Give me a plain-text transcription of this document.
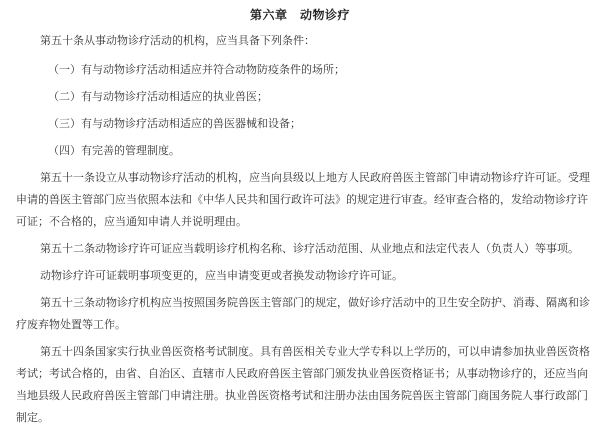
第六章　动物诊疗
第五十条从事动物诊疗活动的机构，应当具备下列条件：
（一）有与动物诊疗活动相适应并符合动物防疫条件的场所；
（二）有与动物诊疗活动相适应的执业兽医；
（三）有与动物诊疗活动相适应的兽医器械和设备；
（四）有完善的管理制度。
第五十一条设立从事动物诊疗活动的机构，应当向县级以上地方人民政府兽医主管部门申请动物诊疗许可证。受理
申请的兽医主管部门应当依照本法和《中华人民共和国行政许可法》的规定进行审查。经审查合格的，发给动物诊疗许
可证；不合格的，应当通知申请人并说明理由。
第五十二条动物诊疗许可证应当载明诊疗机构名称、诊疗活动范围、从业地点和法定代表人（负责人）等事项。
动物诊疗许可证载明事项变更的，应当申请变更或者换发动物诊疗许可证。
第五十三条动物诊疗机构应当按照国务院兽医主管部门的规定，做好诊疗活动中的卫生安全防护、消毒、隔离和诊
疗废弃物处置等工作。
第五十四条国家实行执业兽医资格考试制度。具有兽医相关专业大学专科以上学历的，可以申请参加执业兽医资格
考试；考试合格的，由省、自治区、直辖市人民政府兽医主管部门颁发执业兽医资格证书；从事动物诊疗的，还应当向
当地县级人民政府兽医主管部门申请注册。执业兽医资格考试和注册办法由国务院兽医主管部门商国务院人事行政部门
制定。
